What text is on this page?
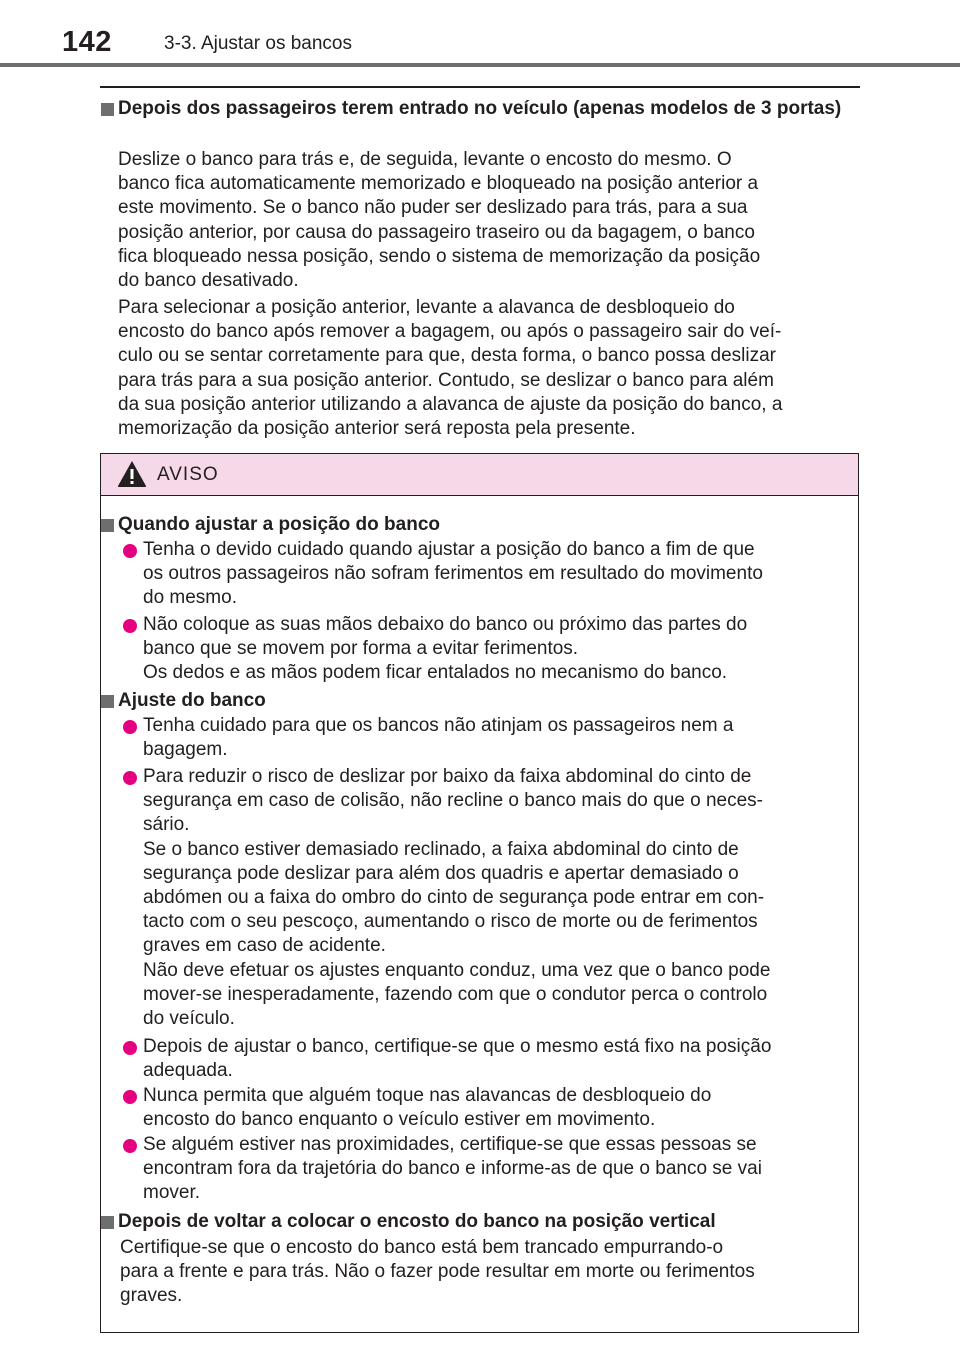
142	3-3. Ajustar os bancos
Depois dos passageiros terem entrado no veículo (apenas modelos de 3 portas)
Deslize o banco para trás e, de seguida, levante o encosto do mesmo. O
banco fica automaticamente memorizado e bloqueado na posição anterior a
este movimento. Se o banco não puder ser deslizado para trás, para a sua
posição anterior, por causa do passageiro traseiro ou da bagagem, o banco
fica bloqueado nessa posição, sendo o sistema de memorização da posição
do banco desativado.
Para selecionar a posição anterior, levante a alavanca de desbloqueio do
encosto do banco após remover a bagagem, ou após o passageiro sair do veí-
culo ou se sentar corretamente para que, desta forma, o banco possa deslizar
para trás para a sua posição anterior. Contudo, se deslizar o banco para além
da sua posição anterior utilizando a alavanca de ajuste da posição do banco, a
memorização da posição anterior será reposta pela presente.
AVISO
Quando ajustar a posição do banco
Tenha o devido cuidado quando ajustar a posição do banco a fim de que
os outros passageiros não sofram ferimentos em resultado do movimento
do mesmo.
Não coloque as suas mãos debaixo do banco ou próximo das partes do
banco que se movem por forma a evitar ferimentos.
Os dedos e as mãos podem ficar entalados no mecanismo do banco.
Ajuste do banco
Tenha cuidado para que os bancos não atinjam os passageiros nem a
bagagem.
Para reduzir o risco de deslizar por baixo da faixa abdominal do cinto de
segurança em caso de colisão, não recline o banco mais do que o neces-
sário.
Se o banco estiver demasiado reclinado, a faixa abdominal do cinto de
segurança pode deslizar para além dos quadris e apertar demasiado o
abdómen ou a faixa do ombro do cinto de segurança pode entrar em con-
tacto com o seu pescoço, aumentando o risco de morte ou de ferimentos
graves em caso de acidente.
Não deve efetuar os ajustes enquanto conduz, uma vez que o banco pode
mover-se inesperadamente, fazendo com que o condutor perca o controlo
do veículo.
Depois de ajustar o banco, certifique-se que o mesmo está fixo na posição
adequada.
Nunca permita que alguém toque nas alavancas de desbloqueio do
encosto do banco enquanto o veículo estiver em movimento.
Se alguém estiver nas proximidades, certifique-se que essas pessoas se
encontram fora da trajetória do banco e informe-as de que o banco se vai
mover.
Depois de voltar a colocar o encosto do banco na posição vertical
Certifique-se que o encosto do banco está bem trancado empurrando-o
para a frente e para trás. Não o fazer pode resultar em morte ou ferimentos
graves.
